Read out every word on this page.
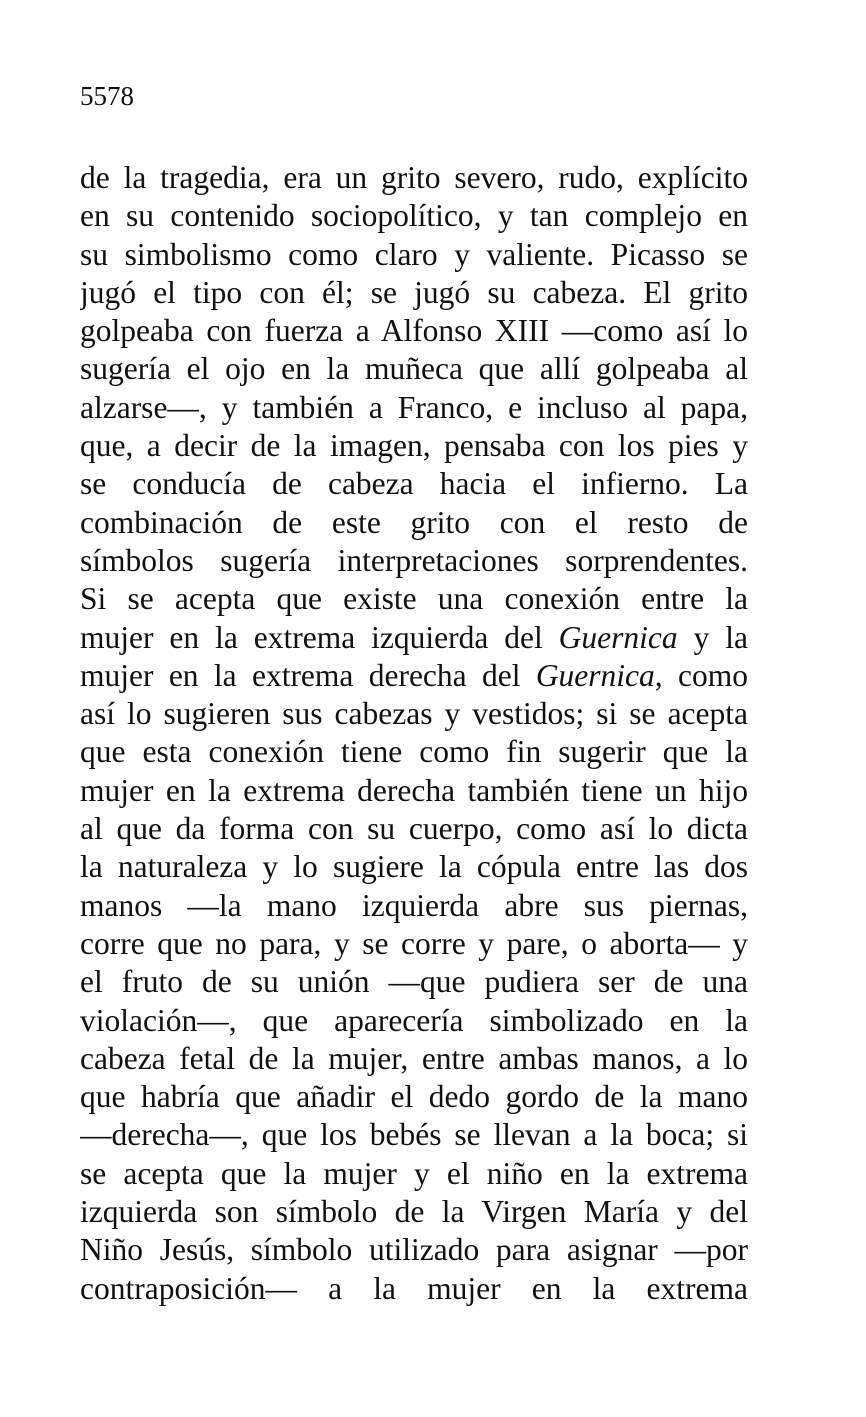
5578
de la tragedia, era un grito severo, rudo, explícito
en su contenido sociopolítico, y tan complejo en
su simbolismo como claro y valiente. Picasso se
jugó el tipo con él; se jugó su cabeza. El grito
golpeaba con fuerza a Alfonso XIII —como así lo
sugería el ojo en la muñeca que allí golpeaba al
alzarse—, y también a Franco, e incluso al papa,
que, a decir de la imagen, pensaba con los pies y
se conducía de cabeza hacia el infierno. La
combinación de este grito con el resto de
símbolos sugería interpretaciones sorprendentes.
Si se acepta que existe una conexión entre la
mujer en la extrema izquierda del Guernica y la
mujer en la extrema derecha del Guernica, como
así lo sugieren sus cabezas y vestidos; si se acepta
que esta conexión tiene como fin sugerir que la
mujer en la extrema derecha también tiene un hijo
al que da forma con su cuerpo, como así lo dicta
la naturaleza y lo sugiere la cópula entre las dos
manos —la mano izquierda abre sus piernas,
corre que no para, y se corre y pare, o aborta— y
el fruto de su unión —que pudiera ser de una
violación—, que aparecería simbolizado en la
cabeza fetal de la mujer, entre ambas manos, a lo
que habría que añadir el dedo gordo de la mano
—derecha—, que los bebés se llevan a la boca; si
se acepta que la mujer y el niño en la extrema
izquierda son símbolo de la Virgen María y del
Niño Jesús, símbolo utilizado para asignar —por
contraposición— a la mujer en la extrema
